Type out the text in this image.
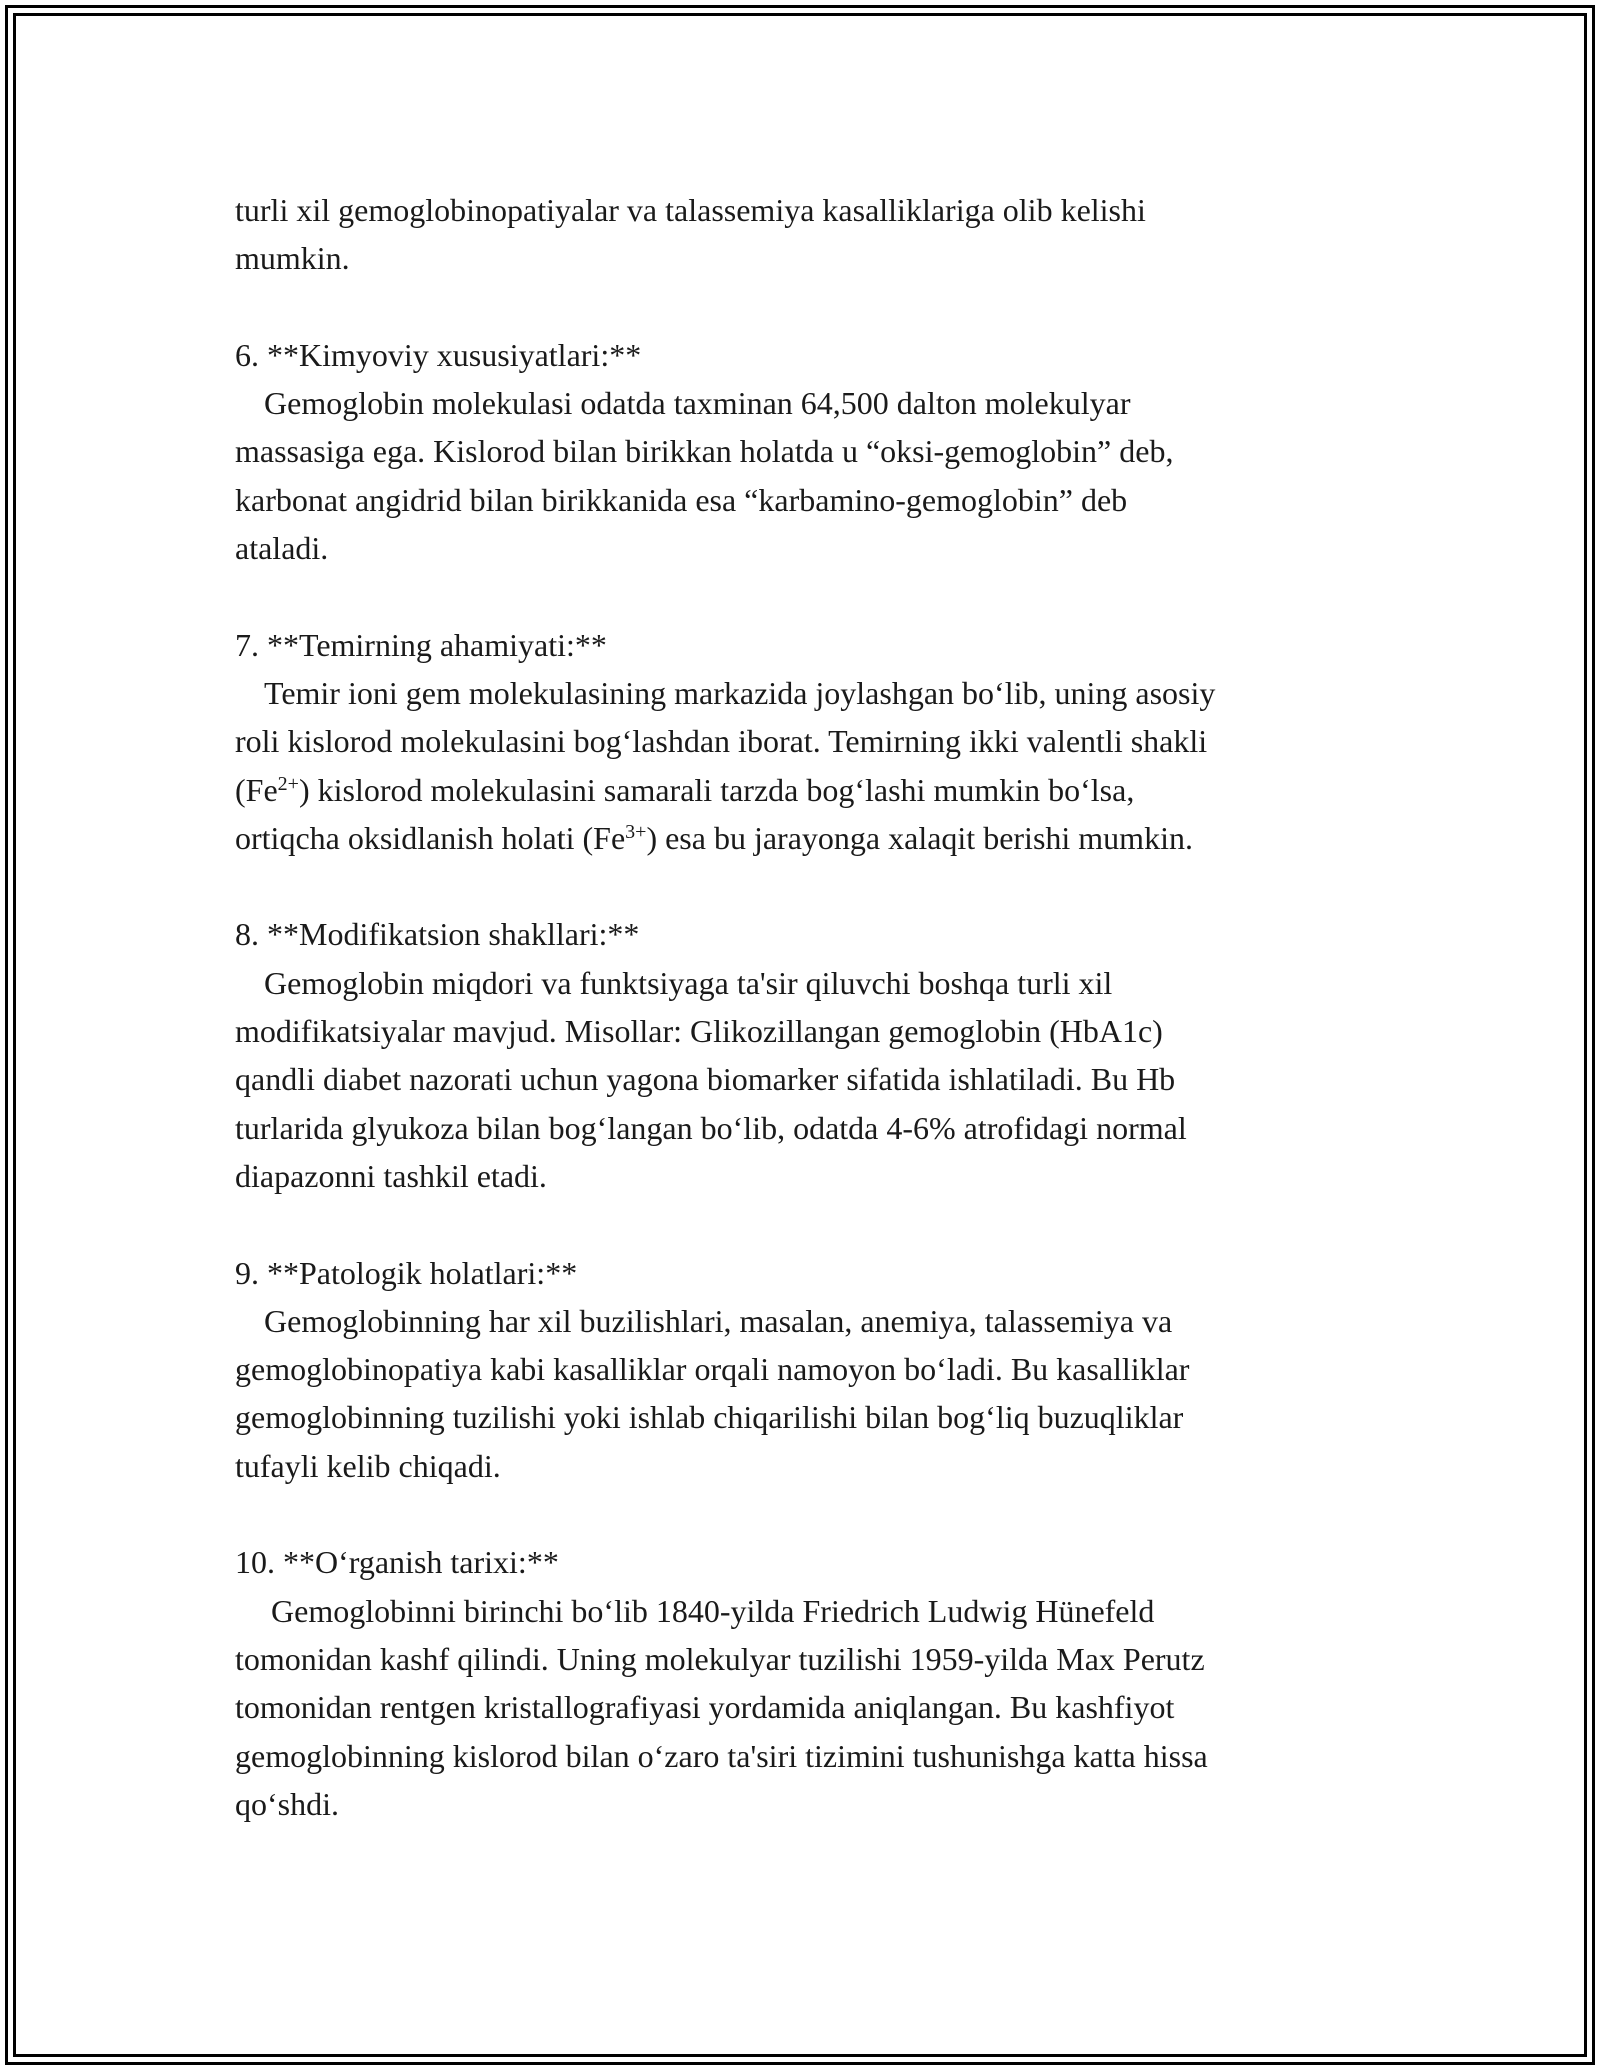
turli xil gemoglobinopatiyalar va talassemiya kasalliklariga olib kelishi
mumkin.
6. **Kimyoviy xususiyatlari:**
Gemoglobin molekulasi odatda taxminan 64,500 dalton molekulyar
massasiga ega. Kislorod bilan birikkan holatda u “oksi-gemoglobin” deb,
karbonat angidrid bilan birikkanida esa “karbamino-gemoglobin” deb
ataladi.
7. **Temirning ahamiyati:**
Temir ioni gem molekulasining markazida joylashgan bo‘lib, uning asosiy
roli kislorod molekulasini bog‘lashdan iborat. Temirning ikki valentli shakli
$(Fe^{2+})$ kislorod molekulasini samarali tarzda bog‘lashi mumkin bo‘lsa,
ortiqcha oksidlanish holati $(Fe^{3+})$ esa bu jarayonga xalaqit berishi mumkin.
8. **Modifikatsion shakllari:**
Gemoglobin miqdori va funktsiyaga ta'sir qiluvchi boshqa turli xil
modifikatsiyalar mavjud. Misollar: Glikozillangan gemoglobin (HbA1c)
qandli diabet nazorati uchun yagona biomarker sifatida ishlatiladi. Bu Hb
turlarida glyukoza bilan bog‘langan bo‘lib, odatda 4-6% atrofidagi normal
diapazonni tashkil etadi.
9. **Patologik holatlari:**
Gemoglobinning har xil buzilishlari, masalan, anemiya, talassemiya va
gemoglobinopatiya kabi kasalliklar orqali namoyon bo‘ladi. Bu kasalliklar
gemoglobinning tuzilishi yoki ishlab chiqarilishi bilan bog‘liq buzuqliklar
tufayli kelib chiqadi.
10. **O‘rganish tarixi:**
Gemoglobinni birinchi bo‘lib 1840-yilda Friedrich Ludwig Hünefeld
tomonidan kashf qilindi. Uning molekulyar tuzilishi 1959-yilda Max Perutz
tomonidan rentgen kristallografiyasi yordamida aniqlangan. Bu kashfiyot
gemoglobinning kislorod bilan o‘zaro ta'siri tizimini tushunishga katta hissa
qo‘shdi.
